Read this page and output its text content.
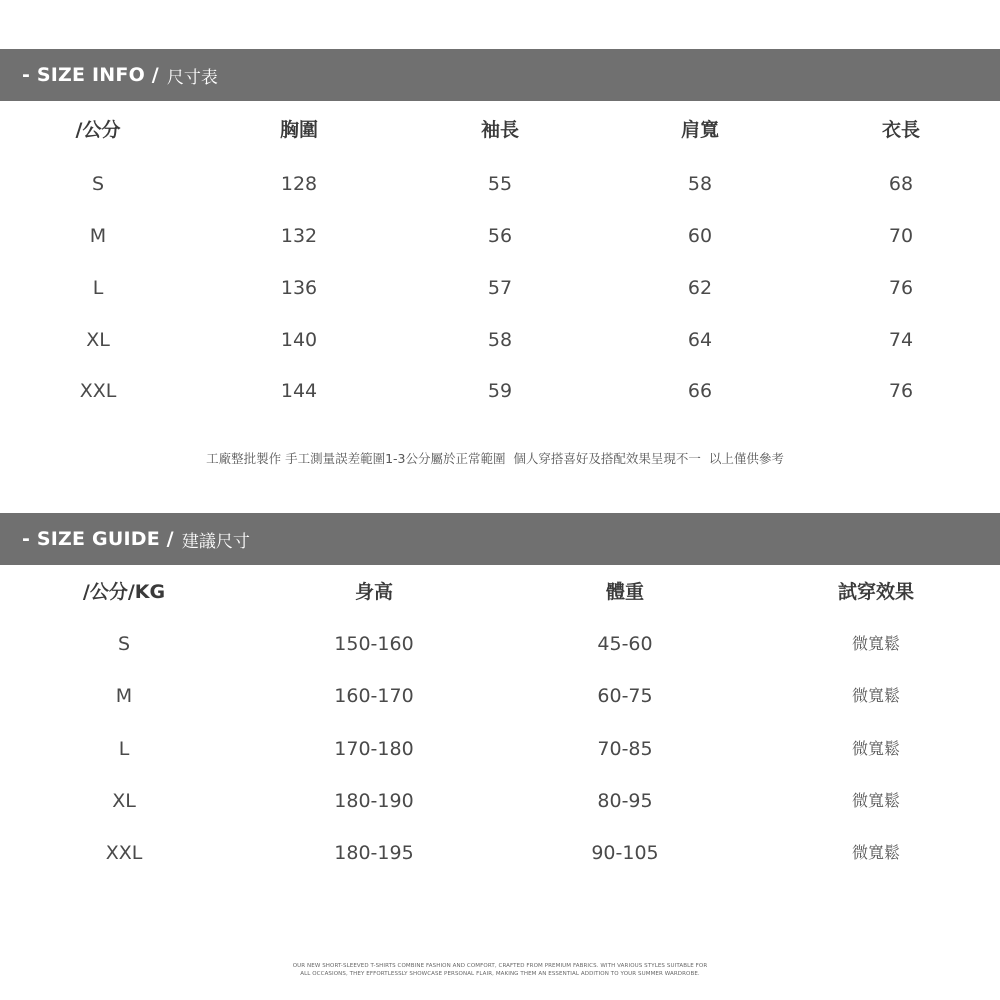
- SIZE INFO / 尺寸表
/公分	胸圍	袖長	肩寬	衣長
S	128	55	58	68
M	132	56	60	70
L	136	57	62	76
XL	140	58	64	74
XXL	144	59	66	76
工廠整批製作 手工測量誤差範圍1-3公分屬於正常範圍  個人穿搭喜好及搭配效果呈現不一  以上僅供參考
- SIZE GUIDE / 建議尺寸
/公分/KG	身高	體重	試穿效果
S	150-160	45-60	微寬鬆
M	160-170	60-75	微寬鬆
L	170-180	70-85	微寬鬆
XL	180-190	80-95	微寬鬆
XXL	180-195	90-105	微寬鬆
OUR NEW SHORT-SLEEVED T-SHIRTS COMBINE FASHION AND COMFORT, CRAFTED FROM PREMIUM FABRICS. WITH VARIOUS STYLES SUITABLE FOR
ALL OCCASIONS, THEY EFFORTLESSLY SHOWCASE PERSONAL FLAIR, MAKING THEM AN ESSENTIAL ADDITION TO YOUR SUMMER WARDROBE.
